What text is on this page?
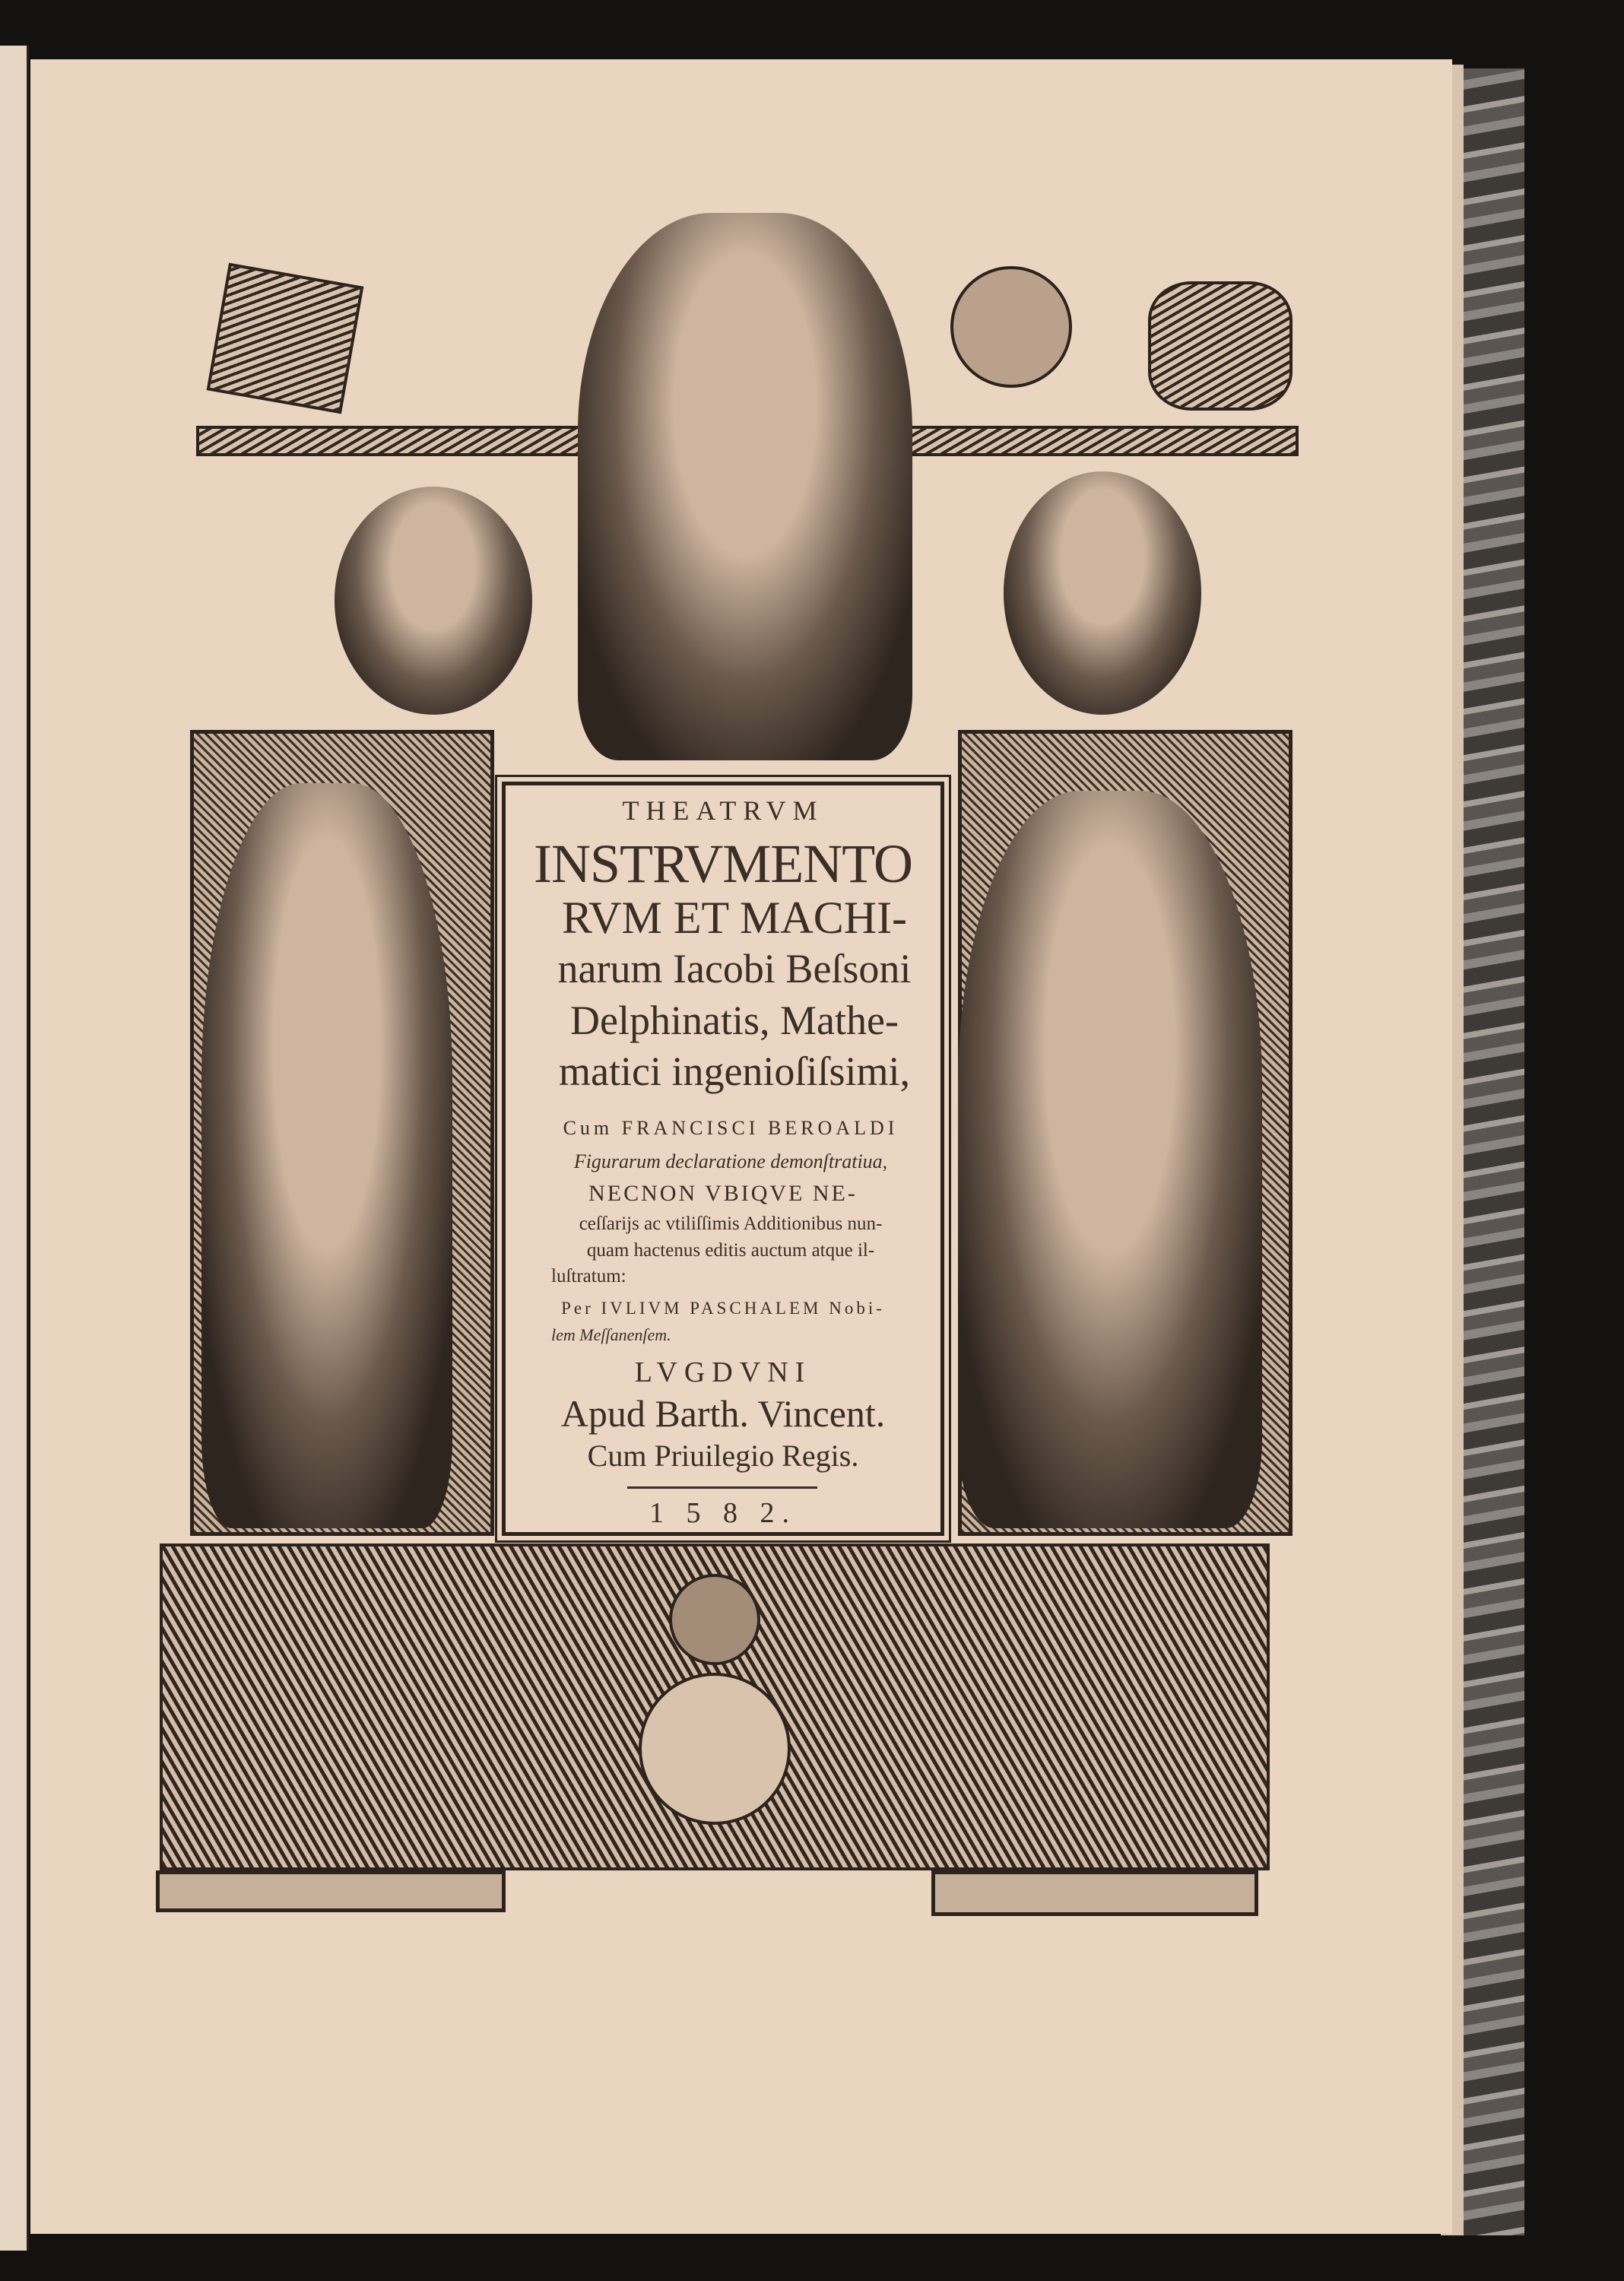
THEATRVM
INSTRVMENTO
RVM ET MACHI-
narum Iacobi Beſsoni
Delphinatis, Mathe-
matici ingenioſiſsimi,
Cum FRANCISCI BEROALDI
Figurarum declaratione demonſtratiua,
NECNON VBIQVE NE-
ceſſarijs ac vtiliſſimis Additionibus nun-
quam hactenus editis auctum atque il-
luſtratum:
Per IVLIVM PASCHALEM Nobi-
lem Meſſanenſem.
LVGDVNI
Apud Barth. Vincent.
Cum Priuilegio Regis.
1 5 8 2.
